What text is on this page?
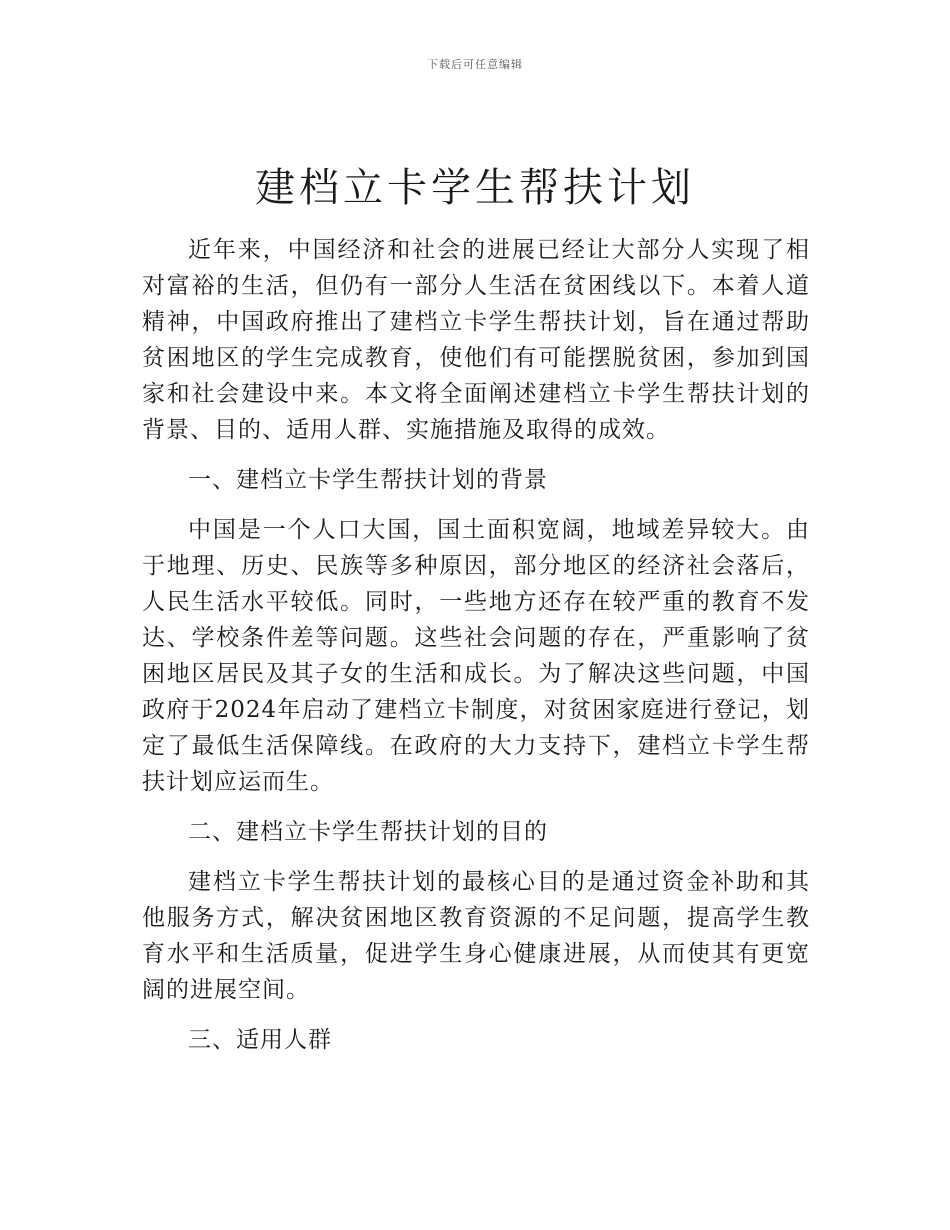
下载后可任意编辑
建档立卡学生帮扶计划

近年来，中国经济和社会的进展已经让大部分人实现了相对富裕的生活，但仍有一部分人生活在贫困线以下。本着人道精神，中国政府推出了建档立卡学生帮扶计划，旨在通过帮助贫困地区的学生完成教育，使他们有可能摆脱贫困，参加到国家和社会建设中来。本文将全面阐述建档立卡学生帮扶计划的背景、目的、适用人群、实施措施及取得的成效。

一、建档立卡学生帮扶计划的背景

中国是一个人口大国，国土面积宽阔，地域差异较大。由于地理、历史、民族等多种原因，部分地区的经济社会落后，人民生活水平较低。同时，一些地方还存在较严重的教育不发达、学校条件差等问题。这些社会问题的存在，严重影响了贫困地区居民及其子女的生活和成长。为了解决这些问题，中国政府于2024年启动了建档立卡制度，对贫困家庭进行登记，划定了最低生活保障线。在政府的大力支持下，建档立卡学生帮扶计划应运而生。

二、建档立卡学生帮扶计划的目的

建档立卡学生帮扶计划的最核心目的是通过资金补助和其他服务方式，解决贫困地区教育资源的不足问题，提高学生教育水平和生活质量，促进学生身心健康进展，从而使其有更宽阔的进展空间。

三、适用人群
